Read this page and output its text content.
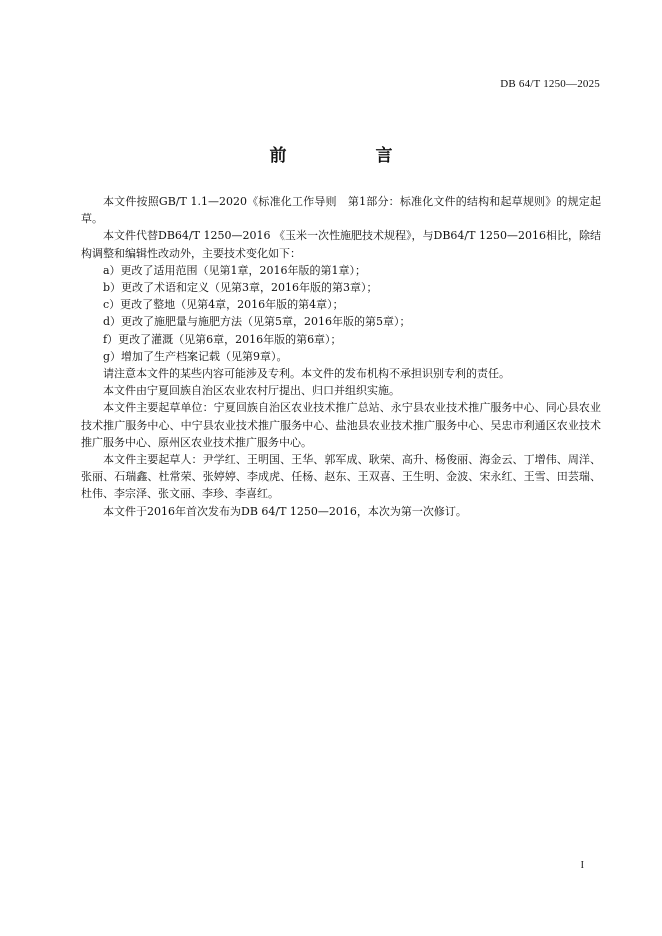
DB 64/T 1250—2025
前　言

本文件按照GB/T 1.1—2020《标准化工作导则　第1部分：标准化文件的结构和起草规则》的规定起草。

本文件代替DB64/T 1250—2016 《玉米一次性施肥技术规程》，与DB64/T 1250—2016相比，除结构调整和编辑性改动外，主要技术变化如下：

a）更改了适用范围（见第1章，2016年版的第1章）；

b）更改了术语和定义（见第3章，2016年版的第3章）；

c）更改了整地（见第4章，2016年版的第4章）；

d）更改了施肥量与施肥方法（见第5章，2016年版的第5章）；

f）更改了灌溉（见第6章，2016年版的第6章）；

g）增加了生产档案记载（见第9章）。

请注意本文件的某些内容可能涉及专利。本文件的发布机构不承担识别专利的责任。

本文件由宁夏回族自治区农业农村厅提出、归口并组织实施。

本文件主要起草单位：宁夏回族自治区农业技术推广总站、永宁县农业技术推广服务中心、同心县农业技术推广服务中心、中宁县农业技术推广服务中心、盐池县农业技术推广服务中心、吴忠市利通区农业技术推广服务中心、原州区农业技术推广服务中心。

本文件主要起草人：尹学红、王明国、王华、郭军成、耿荣、高升、杨俊丽、海金云、丁增伟、周洋、张丽、石瑞鑫、杜常荣、张婷婷、李成虎、任杨、赵东、王双喜、王生明、金波、宋永红、王雪、田芸瑞、杜伟、李宗泽、张文丽、李珍、李喜红。

本文件于2016年首次发布为DB 64/T 1250—2016，本次为第一次修订。

I
